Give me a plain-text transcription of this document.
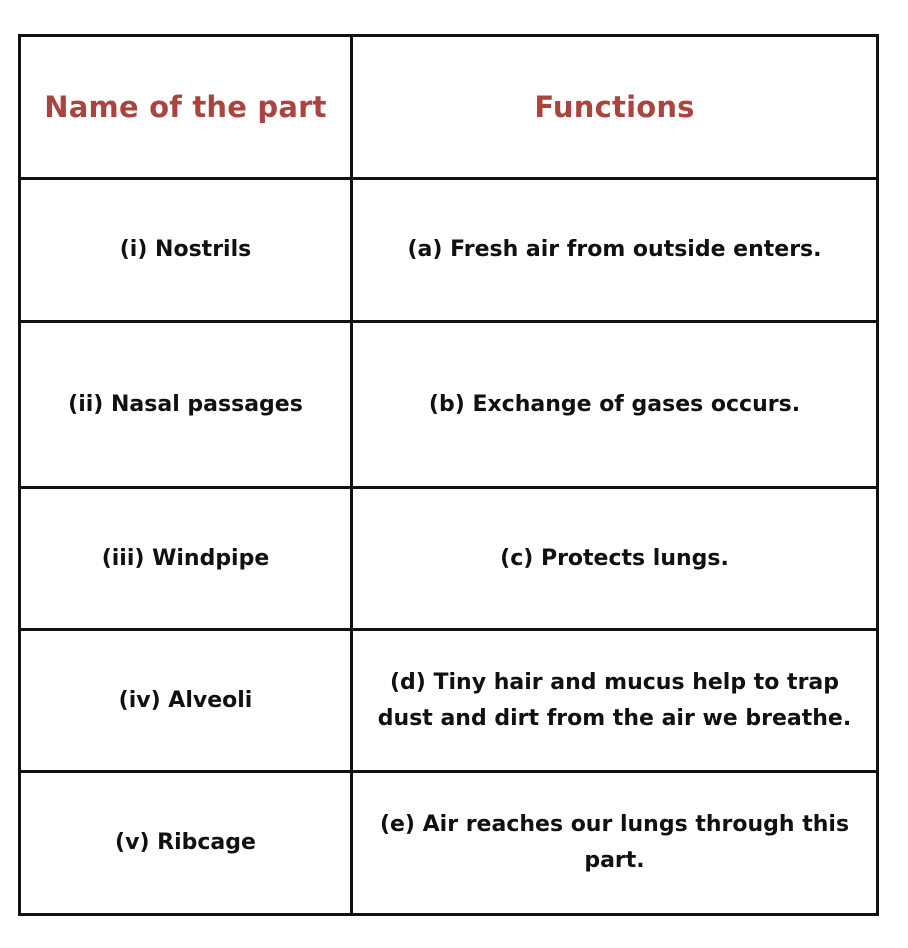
Name of the part	Functions
(i) Nostrils	(a) Fresh air from outside enters.
(ii) Nasal passages	(b) Exchange of gases occurs.
(iii) Windpipe	(c) Protects lungs.
(iv) Alveoli	(d) Tiny hair and mucus help to trap dust and dirt from the air we breathe.
(v) Ribcage	(e) Air reaches our lungs through this part.
